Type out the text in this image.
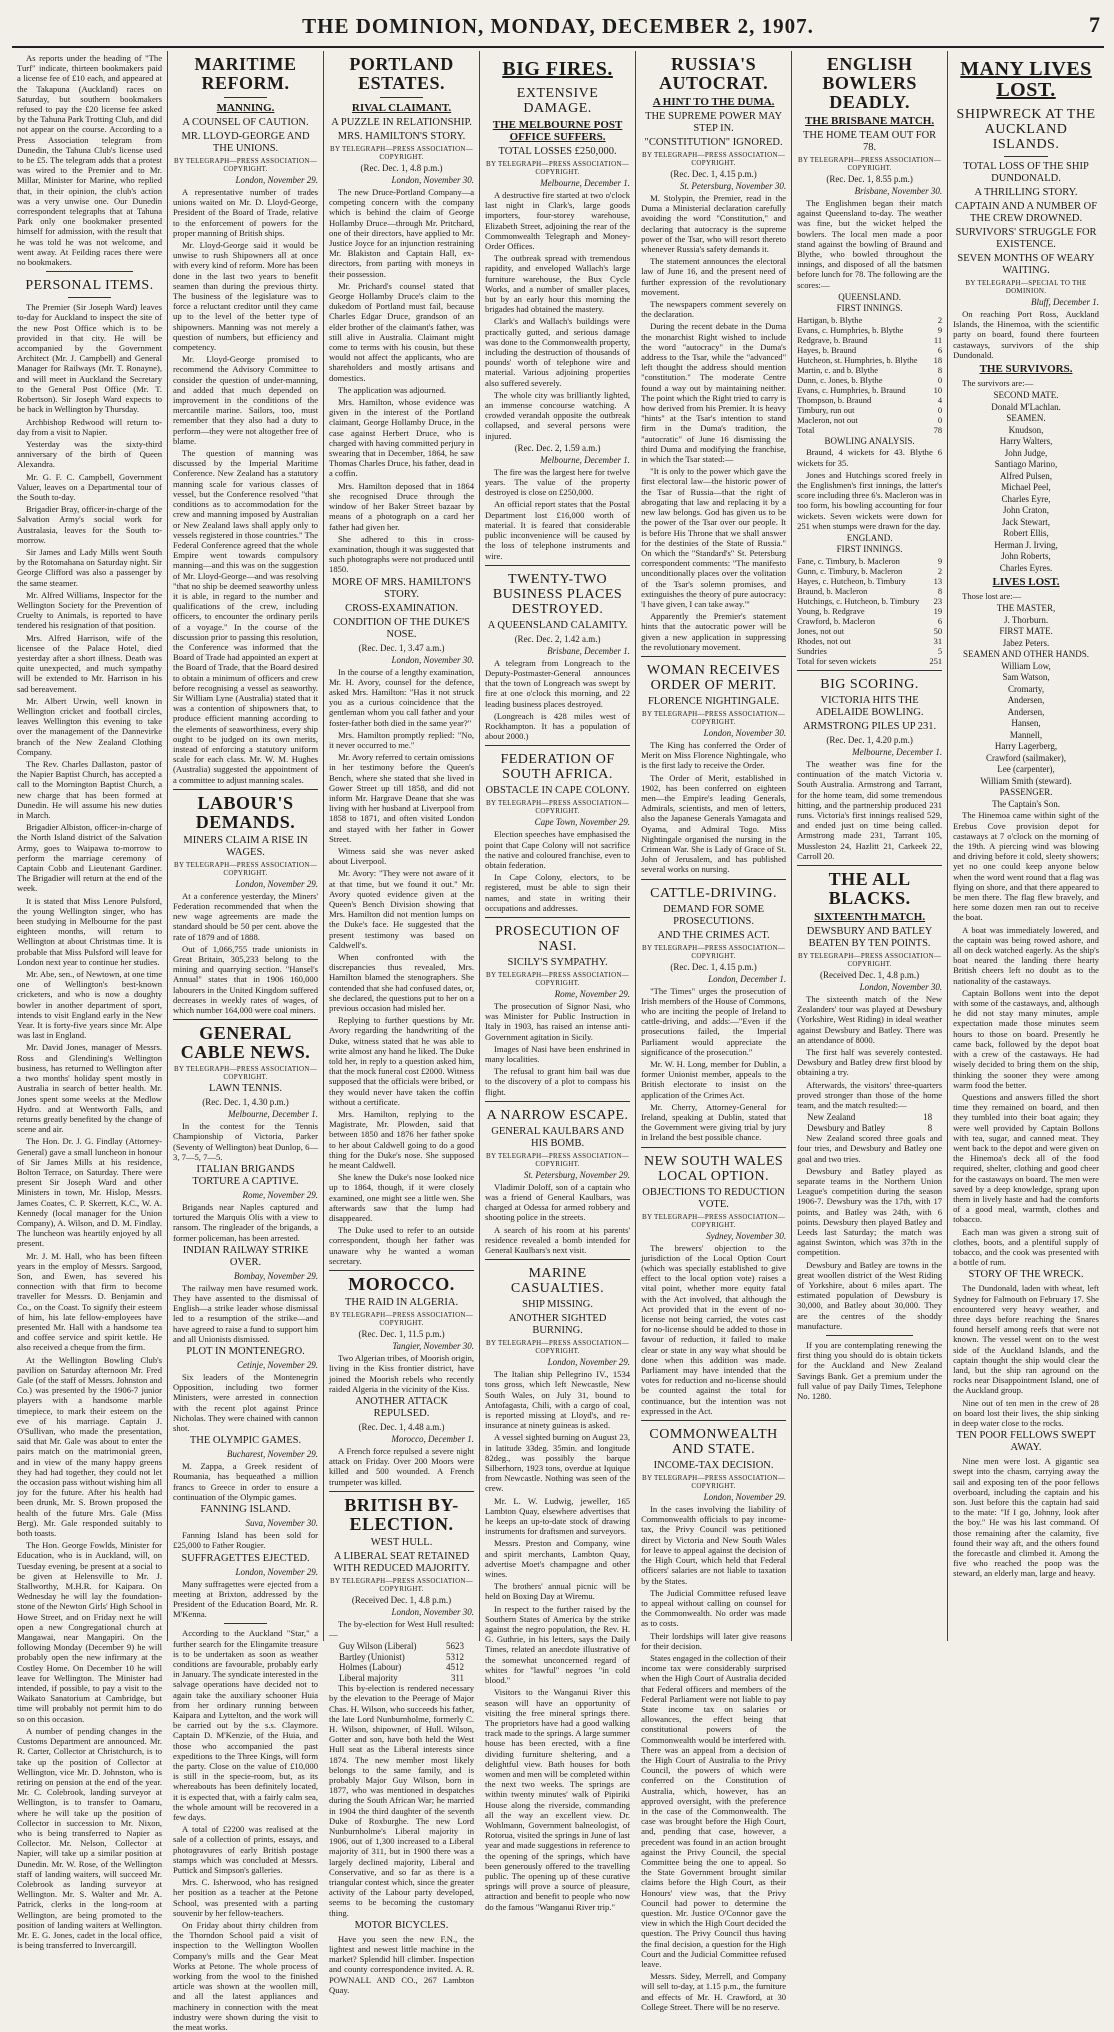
THE DOMINION, MONDAY, DECEMBER 2, 1907.	7

As reports under the heading of "The Turf" indicate, thirteen bookmakers paid a license fee of £10 each, and appeared at the Takapuna (Auckland) races on Saturday, but southern bookmakers refused to pay the £20 license fee asked by the Tahuna Park Trotting Club, and did not appear on the course. According to a Press Association telegram from Dunedin, the Tahuna Club's license used to be £5. The telegram adds that a protest was wired to the Premier and to Mr. Millar, Minister for Marine, who replied that, in their opinion, the club's action was a very unwise one. Our Dunedin correspondent telegraphs that at Tahuna Park only one bookmaker presented himself for admission, with the result that he was told he was not welcome, and went away. At Feilding races there were no bookmakers.

PERSONAL ITEMS.

The Premier (Sir Joseph Ward) leaves to-day for Auckland to inspect the site of the new Post Office which is to be provided in that city. He will be accompanied by the Government Architect (Mr. J. Campbell) and General Manager for Railways (Mr. T. Ronayne), and will meet in Auckland the Secretary to the General Post Office (Mr. T. Robertson). Sir Joseph Ward expects to be back in Wellington by Thursday.

Archbishop Redwood will return to-day from a visit to Napier.

Yesterday was the sixty-third anniversary of the birth of Queen Alexandra.

Mr. G. F. C. Campbell, Government Valuer, leaves on a Departmental tour of the South to-day.

Brigadier Bray, officer-in-charge of the Salvation Army's social work for Australasia, leaves for the South to-morrow.

Sir James and Lady Mills went South by the Rotomahana on Saturday night. Sir George Clifford was also a passenger by the same steamer.

Mr. Alfred Williams, Inspector for the Wellington Society for the Prevention of Cruelty to Animals, is reported to have tendered his resignation of that position.

Mrs. Alfred Harrison, wife of the licensee of the Palace Hotel, died yesterday after a short illness. Death was quite unexpected, and much sympathy will be extended to Mr. Harrison in his sad bereavement.

Mr. Albert Urwin, well known in Wellington cricket and football circles, leaves Wellington this evening to take over the management of the Dannevirke branch of the New Zealand Clothing Company.

The Rev. Charles Dallaston, pastor of the Napier Baptist Church, has accepted a call to the Mornington Baptist Church, a new charge that has been formed at Dunedin. He will assume his new duties in March.

Brigadier Albiston, officer-in-charge of the North Island district of the Salvation Army, goes to Waipawa to-morrow to perform the marriage ceremony of Captain Cobb and Lieutenant Gardiner. The Brigadier will return at the end of the week.

It is stated that Miss Lenore Pulsford, the young Wellington singer, who has been studying in Melbourne for the past eighteen months, will return to Wellington at about Christmas time. It is probable that Miss Pulsford will leave for London next year to continue her studies.

Mr. Abe, sen., of Newtown, at one time one of Wellington's best-known cricketers, and who is now a doughty bowler in another department of sport, intends to visit England early in the New Year. It is forty-five years since Mr. Alpe was last in England.

Mr. David Jones, manager of Messrs. Ross and Glendining's Wellington business, has returned to Wellington after a two months' holiday spent mostly in Australia in search of better health. Mr. Jones spent some weeks at the Medlow Hydro. and at Wentworth Falls, and returns greatly benefited by the change of scene and air.

The Hon. Dr. J. G. Findlay (Attorney-General) gave a small luncheon in honour of Sir James Mills at his residence, Bolton Terrace, on Saturday. There were present Sir Joseph Ward and other Ministers in town, Mr. Hislop, Messrs. James Coates, C. P. Skerrett, K.C., W. A. Kennedy (local manager for the Union Company), A. Wilson, and D. M. Findlay. The luncheon was heartily enjoyed by all present.

Mr. J. M. Hall, who has been fifteen years in the employ of Messrs. Sargood, Son, and Ewen, has severed his connection with that firm to become traveller for Messrs. D. Benjamin and Co., on the Coast. To signify their esteem of him, his late fellow-employees have presented Mr. Hall with a handsome tea and coffee service and spirit kettle. He also received a cheque from the firm.

At the Wellington Bowling Club's pavilion on Saturday afternoon Mr. Fred Gale (of the staff of Messrs. Johnston and Co.) was presented by the 1906-7 junior players with a handsome marble timepiece, to mark their esteem on the eve of his marriage. Captain J. O'Sullivan, who made the presentation, said that Mr. Gale was about to enter the pairs match on the matrimonial green, and in view of the many happy greens they had had together, they could not let the occasion pass without wishing him all joy for the future. After his health had been drunk, Mr. S. Brown proposed the health of the future Mrs. Gale (Miss Berg). Mr. Gale responded suitably to both toasts.

The Hon. George Fowlds, Minister for Education, who is in Auckland, will, on Tuesday evening, be present at a social to be given at Helensville to Mr. J. Stallworthy, M.H.R. for Kaipara. On Wednesday he will lay the foundation-stone of the Newton Girls' High School in Howe Street, and on Friday next he will open a new Congregational church at Mangawai, near Mangapiri. On the following Monday (December 9) he will probably open the new infirmary at the Costley Home. On December 10 he will leave for Wellington. The Minister had intended, if possible, to pay a visit to the Waikato Sanatorium at Cambridge, but time will probably not permit him to do so on this occasion.

A number of pending changes in the Customs Department are announced. Mr. R. Carter, Collector at Christchurch, is to take up the position of Collector at Wellington, vice Mr. D. Johnston, who is retiring on pension at the end of the year. Mr. C. Colebrook, landing surveyor at Wellington, is to transfer to Oamaru, where he will take up the position of Collector in succession to Mr. Nixon, who is being transferred to Napier as Collector. Mr. Nelson, Collector at Napier, will take up a similar position at Dunedin. Mr. W. Rose, of the Wellington staff of landing waiters, will succeed Mr. Colebrook as landing surveyor at Wellington. Mr. S. Walter and Mr. A. Patrick, clerks in the long-room at Wellington, are being promoted to the position of landing waiters at Wellington. Mr. E. G. Jones, cadet in the local office, is being transferred to Invercargill.

MARITIME REFORM.
MANNING.
A COUNSEL OF CAUTION.
MR. LLOYD-GEORGE AND THE UNIONS.
BY TELEGRAPH—PRESS ASSOCIATION—COPYRIGHT.
London, November 29.

A representative number of trades unions waited on Mr. D. Lloyd-George, President of the Board of Trade, relative to the enforcement of powers for the proper manning of British ships.

Mr. Lloyd-George said it would be unwise to rush Shipowners all at once with every kind of reform. More has been done in the last two years to benefit seamen than during the previous thirty. The business of the legislature was to force a reluctant creditor until they came up to the level of the better type of shipowners. Manning was not merely a question of numbers, but efficiency and competency.

Mr. Lloyd-George promised to recommend the Advisory Committee to consider the question of under-manning, and added that much depended on improvement in the conditions of the mercantile marine. Sailors, too, must remember that they also had a duty to perform—they were not altogether free of blame.

The question of manning was discussed by the Imperial Maritime Conference. New Zealand has a statutory manning scale for various classes of vessel, but the Conference resolved "that conditions as to accommodation for the crew and manning imposed by Australian or New Zealand laws shall apply only to vessels registered in those countries." The Federal Conference agreed that the whole Empire went towards compulsory manning—and this was on the suggestion of Mr. Lloyd-George—and was resolving "that no ship be deemed seaworthy unless it is able, in regard to the number and qualifications of the crew, including officers, to encounter the ordinary perils of a voyage." In the course of the discussion prior to passing this resolution, the Conference was informed that the Board of Trade had appointed an expert at the Board of Trade, that the Board desired to obtain a minimum of officers and crew before recognising a vessel as seaworthy. Sir William Lyne (Australia) stated that it was a contention of shipowners that, to produce efficient manning according to the elements of seaworthiness, every ship ought to be judged on its own merits, instead of enforcing a statutory uniform scale for each class. Mr. W. M. Hughes (Australia) suggested the appointment of a committee to adjust manning scales.

LABOUR'S DEMANDS.
MINERS CLAIM A RISE IN WAGES.
BY TELEGRAPH—PRESS ASSOCIATION—COPYRIGHT.
London, November 29.

At a conference yesterday, the Miners' Federation recommended that when the new wage agreements are made the standard should be 50 per cent. above the rate of 1879 and of 1888.

Out of 1,066,755 trade unionists in Great Britain, 305,233 belong to the mining and quarrying section. "Hansel's Annual" states that in 1906 160,000 labourers in the United Kingdom suffered decreases in weekly rates of wages, of which number 164,000 were coal miners.

GENERAL CABLE NEWS.
BY TELEGRAPH—PRESS ASSOCIATION—COPYRIGHT.
LAWN TENNIS.
(Rec. Dec. 1, 4.30 p.m.)
Melbourne, December 1.

In the contest for the Tennis Championship of Victoria, Parker (Seventy of Wellington) beat Dunlop, 6—3, 7—5, 7—5.

ITALIAN BRIGANDS TORTURE A CAPTIVE.
Rome, November 29.

Brigands near Naples captured and tortured the Marquis Olis with a view to ransom. The ringleader of the brigands, a former policeman, has been arrested.

INDIAN RAILWAY STRIKE OVER.
Bombay, November 29.

The railway men have resumed work. They have assented to the dismissal of English—a strike leader whose dismissal led to a resumption of the strike—and have agreed to raise a fund to support him and all Unionists dismissed.

PLOT IN MONTENEGRO.
Cetinje, November 29.

Six leaders of the Montenegrin Opposition, including two former Ministers, were arrested in connection with the recent plot against Prince Nicholas. They were chained with cannon shot.

THE OLYMPIC GAMES.
Bucharest, November 29.

M. Zappa, a Greek resident of Roumania, has bequeathed a million francs to Greece in order to ensure a continuation of the Olympic games.

FANNING ISLAND.
Suva, November 30.

Fanning Island has been sold for £25,000 to Father Rougier.

SUFFRAGETTES EJECTED.
London, November 29.

Many suffragettes were ejected from a meeting at Brixton, addressed by the President of the Education Board, Mr. R. M'Kenna.

According to the Auckland "Star," a further search for the Elingamite treasure is to be undertaken as soon as weather conditions are favourable, probably early in January. The syndicate interested in the salvage operations have decided not to again take the auxiliary schooner Huia from her ordinary running between Kaipara and Lyttelton, and the work will be carried out by the s.s. Claymore. Captain D. M'Kenzie, of the Huia, and those who accompanied the past expeditions to the Three Kings, will form the party. Close on the value of £10,000 is still in the specie-room, but, as its whereabouts has been definitely located, it is expected that, with a fairly calm sea, the whole amount will be recovered in a few days.

A total of £2200 was realised at the sale of a collection of prints, essays, and photogravures of early British postage stamps which was concluded at Messrs. Puttick and Simpson's galleries.

Mrs. C. Isherwood, who has resigned her position as a teacher at the Petone School, was presented with a parting souvenir by her fellow-teachers.

On Friday about thirty children from the Thorndon School paid a visit of inspection to the Wellington Woollen Company's mills and the Gear Meat Works at Petone. The whole process of working from the wool to the finished article was shown at the woollen mill, and all the latest appliances and machinery in connection with the meat industry were shown during the visit to the meat works.

PORTLAND ESTATES.
RIVAL CLAIMANT.
A PUZZLE IN RELATIONSHIP.
MRS. HAMILTON'S STORY.
BY TELEGRAPH—PRESS ASSOCIATION—COPYRIGHT.
(Rec. Dec. 1, 4.8 p.m.)
London, November 30.

The new Druce-Portland Company—a competing concern with the company which is behind the claim of George Hollamby Druce—through Mr. Pritchard, one of their directors, have applied to Mr. Justice Joyce for an injunction restraining Mr. Blakiston and Captain Hall, ex-directors, from parting with moneys in their possession.

Mr. Prichard's counsel stated that George Hollamby Druce's claim to the dukedom of Portland must fail, because Charles Edgar Druce, grandson of an elder brother of the claimant's father, was still alive in Australia. Claimant might come to terms with his cousin, but these would not affect the applicants, who are shareholders and mostly artisans and domestics.

The application was adjourned.

Mrs. Hamilton, whose evidence was given in the interest of the Portland claimant, George Hollamby Druce, in the case against Herbert Druce, who is charged with having committed perjury in swearing that in December, 1864, he saw Thomas Charles Druce, his father, dead in a coffin.

Mrs. Hamilton deposed that in 1864 she recognised Druce through the window of her Baker Street bazaar by means of a photograph on a card her father had given her.

She adhered to this in cross-examination, though it was suggested that such photographs were not produced until 1850.

MORE OF MRS. HAMILTON'S STORY.
CROSS-EXAMINATION.
CONDITION OF THE DUKE'S NOSE.
(Rec. Dec. 1, 3.47 a.m.)
London, November 30.

In the course of a lengthy examination, Mr. H. Avory, counsel for the defence, asked Mrs. Hamilton: "Has it not struck you as a curious coincidence that the gentleman whom you call father and your foster-father both died in the same year?"

Mrs. Hamilton promptly replied: "No, it never occurred to me."

Mr. Avory referred to certain omissions in her testimony before the Queen's Bench, where she stated that she lived in Gower Street up till 1858, and did not inform Mr. Hargrave Deane that she was living with her husband at Liverpool from 1858 to 1871, and often visited London and stayed with her father in Gower Street.

Witness said she was never asked about Liverpool.

Mr. Avory: "They were not aware of it at that time, but we found it out." Mr. Avory quoted evidence given at the Queen's Bench Division showing that Mrs. Hamilton did not mention lumps on the Duke's face. He suggested that the present testimony was based on Caldwell's.

When confronted with the discrepancies thus revealed, Mrs. Hamilton blamed the stenographers. She contended that she had confused dates, or, she declared, the questions put to her on a previous occasion had misled her.

Replying to further questions by Mr. Avory regarding the handwriting of the Duke, witness stated that he was able to write almost any hand he liked. The Duke told her, in reply to a question asked him, that the mock funeral cost £2000. Witness supposed that the officials were bribed, or they would never have taken the coffin without a certificate.

Mrs. Hamilton, replying to the Magistrate, Mr. Plowden, said that between 1850 and 1876 her father spoke to her about Caldwell going to do a good thing for the Duke's nose. She supposed he meant Caldwell.

She knew the Duke's nose looked nice up to 1864, though, if it were closely examined, one might see a little wen. She afterwards saw that the lump had disappeared.

The Duke used to refer to an outside correspondent, though her father was unaware why he wanted a woman secretary.

MOROCCO.
THE RAID IN ALGERIA.
BY TELEGRAPH—PRESS ASSOCIATION—COPYRIGHT.
(Rec. Dec. 1, 11.5 p.m.)
Tangier, November 30.

Two Algerian tribes, of Moorish origin, living in the Kiss frontier district, have joined the Moorish rebels who recently raided Algeria in the vicinity of the Kiss.

ANOTHER ATTACK REPULSED.
(Rec. Dec. 1, 4.48 a.m.)
Morocco, December 1.

A French force repulsed a severe night attack on Friday. Over 200 Moors were killed and 500 wounded. A French trumpeter was killed.

BRITISH BY-ELECTION.
WEST HULL.
A LIBERAL SEAT RETAINED WITH REDUCED MAJORITY.
BY TELEGRAPH—PRESS ASSOCIATION—COPYRIGHT.
(Received Dec. 1, 4.8 p.m.)
London, November 30.

The by-election for West Hull resulted:—

Guy Wilson (Liberal)	5623
Bartley (Unionist)	5312
Holmes (Labour)	4512
Liberal majority	311

This by-election is rendered necessary by the elevation to the Peerage of Major Chas. H. Wilson, who succeeds his father, the late Lord Nunburnholme, formerly C. H. Wilson, shipowner, of Hull. Wilson, Gotter and son, have both held the West Hull seat as the Liberal interests since 1874. The new member most likely belongs to the same family, and is probably Major Guy Wilson, born in 1877, who was mentioned in despatches during the South African War; he married in 1904 the third daughter of the seventh Duke of Roxburghe. The new Lord Nunburnholme's Liberal majority in 1906, out of 1,300 increased to a Liberal majority of 311, but in 1900 there was a largely declined majority, Liberal and Conservative, and so far as there is a triangular contest which, since the greater activity of the Labour party developed, seems to be becoming the customary thing.

MOTOR BICYCLES.

Have you seen the new F.N., the lightest and newest little machine in the market? Splendid hill climber. Inspection and county correspondence invited. A. R. POWNALL AND CO., 267 Lambton Quay.

BIG FIRES.
EXTENSIVE DAMAGE.
THE MELBOURNE POST OFFICE SUFFERS.
TOTAL LOSSES £250,000.
BY TELEGRAPH—PRESS ASSOCIATION—COPYRIGHT.
Melbourne, December 1.

A destructive fire started at two o'clock last night in Clark's, large goods importers, four-storey warehouse, Elizabeth Street, adjoining the rear of the Commonwealth Telegraph and Money-Order Offices.

The outbreak spread with tremendous rapidity, and enveloped Wallach's large furniture warehouse, the Bux Cycle Works, and a number of smaller places, but by an early hour this morning the brigades had obtained the mastery.

Clark's and Wallach's buildings were practically gutted, and serious damage was done to the Commonwealth property, including the destruction of thousands of pounds' worth of telephone wire and material. Various adjoining properties also suffered severely.

The whole city was brilliantly lighted, an immense concourse watching. A crowded verandah opposite the outbreak collapsed, and several persons were injured.

(Rec. Dec. 2, 1.59 a.m.)
Melbourne, December 1.

The fire was the largest here for twelve years. The value of the property destroyed is close on £250,000.

An official report states that the Postal Department lost £16,000 worth of material. It is feared that considerable public inconvenience will be caused by the loss of telephone instruments and wire.

TWENTY-TWO BUSINESS PLACES DESTROYED.
A QUEENSLAND CALAMITY.
(Rec. Dec. 2, 1.42 a.m.)
Brisbane, December 1.

A telegram from Longreach to the Deputy-Postmaster-General announces that the town of Longreach was swept by fire at one o'clock this morning, and 22 leading business places destroyed.

(Longreach is 428 miles west of Rockhampton. It has a population of about 2000.)

FEDERATION OF SOUTH AFRICA.
OBSTACLE IN CAPE COLONY.
BY TELEGRAPH—PRESS ASSOCIATION—COPYRIGHT.
Cape Town, November 29.

Election speeches have emphasised the point that Cape Colony will not sacrifice the native and coloured franchise, even to obtain federation.

In Cape Colony, electors, to be registered, must be able to sign their names, and state in writing their occupations and addresses.

PROSECUTION OF NASI.
SICILY'S SYMPATHY.
BY TELEGRAPH—PRESS ASSOCIATION—COPYRIGHT.
Rome, November 29.

The prosecution of Signor Nasi, who was Minister for Public Instruction in Italy in 1903, has raised an intense anti-Government agitation in Sicily.

Images of Nasi have been enshrined in many localities.

The refusal to grant him bail was due to the discovery of a plot to compass his flight.

A NARROW ESCAPE.
GENERAL KAULBARS AND HIS BOMB.
BY TELEGRAPH—PRESS ASSOCIATION—COPYRIGHT.
St. Petersburg, November 29.

Vladimir Doloff, son of a captain who was a friend of General Kaulbars, was charged at Odessa for armed robbery and shooting police in the streets.

A search of his room at his parents' residence revealed a bomb intended for General Kaulbars's next visit.

MARINE CASUALTIES.
SHIP MISSING.
ANOTHER SIGHTED BURNING.
BY TELEGRAPH—PRESS ASSOCIATION—COPYRIGHT.
London, November 29.

The Italian ship Pellegrino IV., 1534 tons gross, which left Newcastle, New South Wales, on July 31, bound to Antofagasta, Chili, with a cargo of coal, is reported missing at Lloyd's, and re-insurance at ninety guineas is asked.

A vessel sighted burning on August 23, in latitude 33deg. 35min. and longitude 82deg., was possibly the barque Silberhorn, 1923 tons, overdue at Iquique from Newcastle. Nothing was seen of the crew.

Mr. L. W. Ludwig, jeweller, 165 Lambton Quay, elsewhere advertises that he keeps an up-to-date stock of drawing instruments for draftsmen and surveyors.

Messrs. Preston and Company, wine and spirit merchants, Lambton Quay, advertise Moet's champagne and other wines.

The brothers' annual picnic will be held on Boxing Day at Wiremu.

In respect to the further raised by the Southern States of America by the strike against the negro population, the Rev. H. G. Guthrie, in his letters, says the Daily Times, related an anecdote illustrative of the somewhat unconcerned regard of whites for "lawful" negroes "in cold blood."

Visitors to the Wanganui River this season will have an opportunity of visiting the free mineral springs there. The proprietors have had a good walking track made to the springs. A large summer house has been erected, with a fine dividing furniture sheltering, and a delightful view. Bath houses for both women and men will be completed within the next two weeks. The springs are within twenty minutes' walk of Pipiriki House along the riverside, commanding all the way an excellent view. Dr. Wohlmann, Government balneologist, of Rotorua, visited the springs in June of last year and made suggestions in reference to the opening of the springs, which have been generously offered to the travelling public. The opening up of these curative springs will prove a source of pleasure, attraction and benefit to people who now do the famous "Wanganui River trip."

RUSSIA'S AUTOCRAT.
A HINT TO THE DUMA.
THE SUPREME POWER MAY STEP IN.
"CONSTITUTION" IGNORED.
BY TELEGRAPH—PRESS ASSOCIATION—COPYRIGHT.
(Rec. Dec. 1, 4.15 p.m.)
St. Petersburg, November 30.

M. Stolypin, the Premier, read in the Duma a Ministerial declaration carefully avoiding the word "Constitution," and declaring that autocracy is the supreme power of the Tsar, who will resort thereto whenever Russia's safety demands it.

The statement announces the electoral law of June 16, and the present need of further expression of the revolutionary movement.

The newspapers comment severely on the declaration.

During the recent debate in the Duma the monarchist Right wished to include the word "autocracy" in the Duma's address to the Tsar, while the "advanced" left thought the address should mention "constitution." The moderate Centre found a way out by maintaining neither. The point which the Right tried to carry is how derived from his Premier. It is heavy "hints" at the Tsar's intention to stand firm in the Duma's tradition, the "autocratic" of June 16 dismissing the third Duma and modifying the franchise, in which the Tsar stated:—

"It is only to the power which gave the first electoral law—the historic power of the Tsar of Russia—that the right of abrogating that law and replacing it by a new law belongs. God has given us to be the power of the Tsar over our people. It is before His Throne that we shall answer for the destinies of the State of Russia." On which the "Standard's" St. Petersburg correspondent comments: "The manifesto unconditionally places over the volitation of the Tsar's solemn promises, and extinguishes the theory of pure autocracy: 'I have given, I can take away.'"

Apparently the Premier's statement hints that the autocratic power will be given a new application in suppressing the revolutionary movement.

WOMAN RECEIVES ORDER OF MERIT.
FLORENCE NIGHTINGALE.
BY TELEGRAPH—PRESS ASSOCIATION—COPYRIGHT.
London, November 30.

The King has conferred the Order of Merit on Miss Florence Nightingale, who is the first lady to receive the Order.

The Order of Merit, established in 1902, has been conferred on eighteen men—the Empire's leading Generals, Admirals, scientists, and men of letters, also the Japanese Generals Yamagata and Oyama, and Admiral Togo. Miss Nightingale organised the nursing in the Crimean War. She is Lady of Grace of St. John of Jerusalem, and has published several works on nursing.

CATTLE-DRIVING.
DEMAND FOR SOME PROSECUTIONS.
AND THE CRIMES ACT.
BY TELEGRAPH—PRESS ASSOCIATION—COPYRIGHT.
(Rec. Dec. 1, 4.15 p.m.)
London, December 1.

"The Times" urges the prosecution of Irish members of the House of Commons, who are inciting the people of Ireland to cattle-driving, and adds:—"Even if the prosecutions failed, the Imperial Parliament would appreciate the significance of the prosecution."

Mr. W. H. Long, member for Dublin, a former Unionist member, appeals to the British electorate to insist on the application of the Crimes Act.

Mr. Cherry, Attorney-General for Ireland, speaking at Dublin, stated that the Government were giving trial by jury in Ireland the best possible chance.

NEW SOUTH WALES LOCAL OPTION.
OBJECTIONS TO REDUCTION VOTE.
BY TELEGRAPH—PRESS ASSOCIATION—COPYRIGHT.
Sydney, November 30.

The brewers' objection to the jurisdiction of the Local Option Court (which was specially established to give effect to the local option vote) raises a vital point, whether more equity fatal with the Act involved, that although the Act provided that in the event of no-license not being carried, the votes cast for no-license should be added to those in favour of reduction, it failed to make clear or state in any way what should be done when this addition was made. Parliament may have intended that the votes for reduction and no-license should be counted against the total for continuance, but the intention was not expressed in the Act.

COMMONWEALTH AND STATE.
INCOME-TAX DECISION.
BY TELEGRAPH—PRESS ASSOCIATION—COPYRIGHT.
London, November 29.

In the cases involving the liability of Commonwealth officials to pay income-tax, the Privy Council was petitioned direct by Victoria and New South Wales for leave to appeal against the decision of the High Court, which held that Federal officers' salaries are not liable to taxation by the States.

The Judicial Committee refused leave to appeal without calling on counsel for the Commonwealth. No order was made as to costs.

Their lordships will later give reasons for their decision.

States engaged in the collection of their income tax were considerably surprised when the High Court of Australia decided that Federal officers and members of the Federal Parliament were not liable to pay State income tax on salaries or allowances, the effect being that constitutional powers of the Commonwealth would be interfered with. There was an appeal from a decision of the High Court of Australia to the Privy Council, the powers of which were conferred on the Constitution of Australia, which, however, has an approved oversight, with the preference in the case of the Commonwealth. The case was brought before the High Court, and, pending that case, however, a precedent was found in an action brought against the Privy Council, the special Committee being the one to appeal. So the State Government brought similar claims before the High Court, as their Honours' view was, that the Privy Council had power to determine the question. Mr. Justice O'Connor gave the view in which the High Court decided the question. The Privy Council thus having the final decision, a question for the High Court and the Judicial Committee refused leave.

Messrs. Sidey, Merrell, and Company will sell to-day, at 1.15 p.m., the furniture and effects of Mr. H. Crawford, at 30 College Street. There will be no reserve.

ENGLISH BOWLERS DEADLY.
THE BRISBANE MATCH.
THE HOME TEAM OUT FOR 78.
BY TELEGRAPH—PRESS ASSOCIATION—COPYRIGHT.
(Rec. Dec. 1, 8.55 p.m.)
Brisbane, November 30.

The Englishmen began their match against Queensland to-day. The weather was fine, but the wicket helped the bowlers. The local men made a poor stand against the bowling of Braund and Blythe, who bowled throughout the innings, and disposed of all the batsmen before lunch for 78. The following are the scores:—

QUEENSLAND.
FIRST INNINGS.
Hartigan, b. Blythe	2
Evans, c. Humphries, b. Blythe	9
Redgrave, b. Braund	11
Hayes, b. Braund	6
Hutcheon, st. Humphries, b. Blythe	18
Martin, c. and b. Blythe	8
Dunn, c. Jones, b. Blythe	0
Evans, c. Humphries, b. Braund	10
Thompson, b. Braund	4
Timbury, run out	0
Macleron, not out	0
Total	78
BOWLING ANALYSIS.

Braund, 4 wickets for 43. Blythe 6 wickets for 35.

Jones and Hutchings scored freely in the Englishmen's first innings, the latter's score including three 6's. Macleron was in too form, his bowling accounting for four wickets. Seven wickets were down for 251 when stumps were drawn for the day.

ENGLAND.
FIRST INNINGS.
Fane, c. Timbury, b. Macleron	9
Gunn, c. Timbury, b. Macleron	2
Hayes, c. Hutcheon, b. Timbury	13
Braund, b. Macleron	8
Hutchings, c. Hutcheon, b. Timbury	23
Young, b. Redgrave	19
Crawford, b. Macleron	6
Jones, not out	50
Rhodes, not out	31
Sundries	5
Total for seven wickets	251
BIG SCORING.
VICTORIA HITS THE ADELAIDE BOWLING.
ARMSTRONG PILES UP 231.
(Rec. Dec. 1, 4.20 p.m.)
Melbourne, December 1.

The weather was fine for the continuation of the match Victoria v. South Australia. Armstrong and Tarrant, for the home team, did some tremendous hitting, and the partnership produced 231 runs. Victoria's first innings realised 529, and ended just on time being called. Armstrong made 231, Tarrant 105, Mussleston 24, Hazlitt 21, Carkeek 22, Carroll 20.

THE ALL BLACKS.
SIXTEENTH MATCH.
DEWSBURY AND BATLEY BEATEN BY TEN POINTS.
BY TELEGRAPH—PRESS ASSOCIATION—COPYRIGHT.
(Received Dec. 1, 4.8 p.m.)
London, November 30.

The sixteenth match of the New Zealanders' tour was played at Dewsbury (Yorkshire, West Riding) in ideal weather against Dewsbury and Batley. There was an attendance of 8000.

The first half was severely contested. Dewsbury and Batley drew first blood by obtaining a try.

Afterwards, the visitors' three-quarters proved stronger than those of the home team, and the match resulted:—

New Zealand	18
Dewsbury and Batley	8

New Zealand scored three goals and four tries, and Dewsbury and Batley one goal and two tries.

Dewsbury and Batley played as separate teams in the Northern Union League's competition during the season 1906-7. Dewsbury was the 17th, with 17 points, and Batley was 24th, with 6 points. Dewsbury then played Batley and Leeds last Saturday; the match was against Swinton, which was 37th in the competition.

Dewsbury and Batley are towns in the great woollen district of the West Riding of Yorkshire, about 6 miles apart. The estimated population of Dewsbury is 30,000, and Batley about 30,000. They are the centres of the shoddy manufacture.

If you are contemplating renewing the first thing you should do is obtain tickets for the Auckland and New Zealand Savings Bank. Get a premium under the full value of pay Daily Times, Telephone No. 1280.

MANY LIVES LOST.
SHIPWRECK AT THE AUCKLAND ISLANDS.
TOTAL LOSS OF THE SHIP DUNDONALD.
A THRILLING STORY.
CAPTAIN AND A NUMBER OF THE CREW DROWNED.
SURVIVORS' STRUGGLE FOR EXISTENCE.
SEVEN MONTHS OF WEARY WAITING.
BY TELEGRAPH—SPECIAL TO THE DOMINION.
Bluff, December 1.

On reaching Port Ross, Auckland Islands, the Hinemoa, with the scientific party on board, found there fourteen castaways, survivors of the ship Dundonald.

THE SURVIVORS.

The survivors are:—

SECOND MATE.
Donald M'Lachlan.
SEAMEN.
Knudson,
Harry Walters,
John Judge,
Santiago Marino,
Alfred Pulsen,
Michael Peel,
Charles Eyre,
John Craton,
Jack Stewart,
Robert Ellis,
Herman J. Irving,
John Roberts,
Charles Eyres.
LIVES LOST.

Those lost are:—

THE MASTER,
J. Thorburn.
FIRST MATE.
Jabez Peters.
SEAMEN AND OTHER HANDS.
William Low,
Sam Watson,
Cromarty,
Andersen,
Andersen,
Hansen,
Mannell,
Harry Lagerberg,
Crawford (sailmaker),
Lee (carpenter),
William Smith (steward).
PASSENGER.
The Captain's Son.

The Hinemoa came within sight of the Erebus Cove provision depot for castaways at 7 o'clock on the morning of the 19th. A piercing wind was blowing and driving before it cold, sleety showers; yet no one could keep anyone below when the word went round that a flag was flying on shore, and that there appeared to be men there. The flag flew bravely, and here some dozen men ran out to receive the boat.

A boat was immediately lowered, and the captain was being rowed ashore, and all on deck watched eagerly. As the ship's boat neared the landing there hearty British cheers left no doubt as to the nationality of the castaways.

Captain Bollons went into the depot with some of the castaways, and, although he did not stay many minutes, ample expectation made those minutes seem hours to those on board. Presently he came back, followed by the depot boat with a crew of the castaways. He had wisely decided to bring them on the ship, thinking the sooner they were among warm food the better.

Questions and answers filled the short time they remained on board, and then they tumbled into their boat again; they were well provided by Captain Bollons with tea, sugar, and canned meat. They went back to the depot and were given on the Hinemoa's deck all of the food required, shelter, clothing and good cheer for the castaways on board. The men were saved by a deep knowledge, sprang upon them in lively haste and had the comforts of a good meal, warmth, clothes and tobacco.

Each man was given a strong suit of clothes, boots, and a plentiful supply of tobacco, and the cook was presented with a bottle of rum.

STORY OF THE WRECK.

The Dundonald, laden with wheat, left Sydney for Falmouth on February 17. She encountered very heavy weather, and three days before reaching the Snares found herself among reefs that were not known. The vessel went on to the west side of the Auckland Islands, and the captain thought the ship would clear the land, but the ship ran aground on the rocks near Disappointment Island, one of the Auckland group.

Nine out of ten men in the crew of 28 on board lost their lives, the ship sinking in deep water close to the rocks.

TEN POOR FELLOWS SWEPT AWAY.

Nine men were lost. A gigantic sea swept into the chasm, carrying away the sail and exposing ten of the poor fellows overboard, including the captain and his son. Just before this the captain had said to the mate: "If I go, Johnny, look after the boy." He was his last command. Of those remaining after the calamity, five found their way aft, and the others found the forecastle and climbed it. Among the five who reached the poop was the steward, an elderly man, large and heavy.
